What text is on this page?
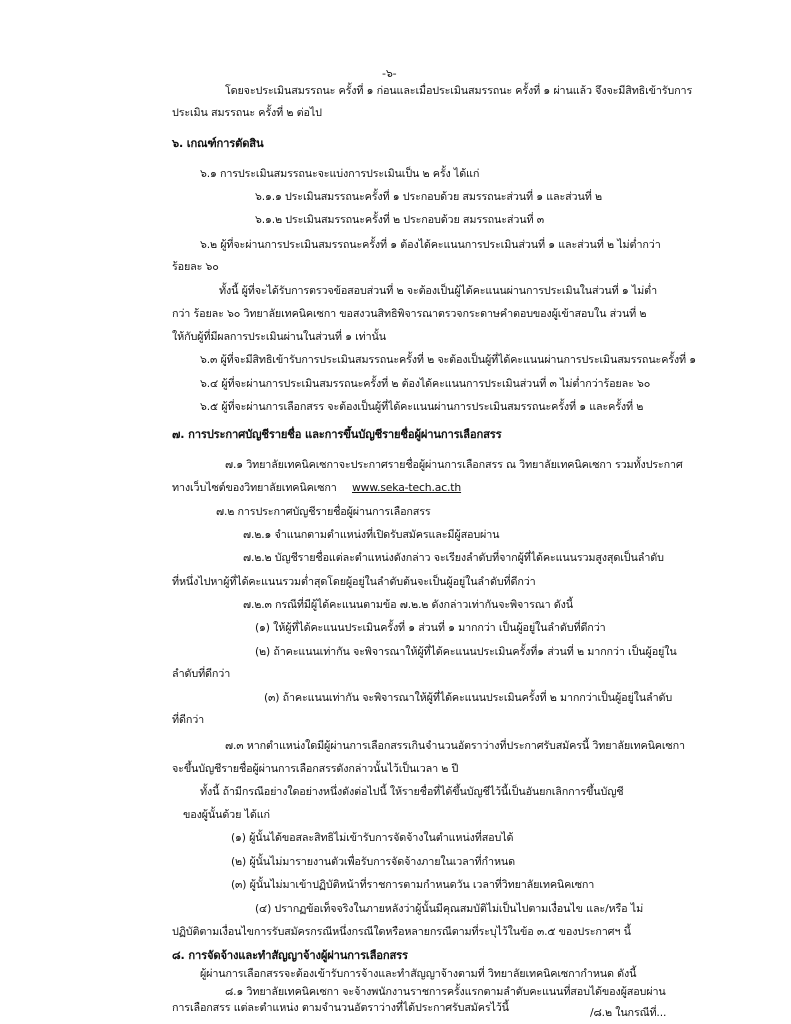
-๖-
โดยจะประเมินสมรรถนะ ครั้งที่ ๑ ก่อนและเมื่อประเมินสมรรถนะ ครั้งที่ ๑ ผ่านแล้ว จึงจะมีสิทธิเข้ารับการ
ประเมิน สมรรถนะ ครั้งที่ ๒ ต่อไป
๖. เกณฑ์การตัดสิน
๖.๑ การประเมินสมรรถนะจะแบ่งการประเมินเป็น ๒ ครั้ง ได้แก่
๖.๑.๑ ประเมินสมรรถนะครั้งที่ ๑ ประกอบด้วย สมรรถนะส่วนที่ ๑ และส่วนที่ ๒
๖.๑.๒ ประเมินสมรรถนะครั้งที่ ๒ ประกอบด้วย สมรรถนะส่วนที่ ๓
๖.๒ ผู้ที่จะผ่านการประเมินสมรรถนะครั้งที่ ๑ ต้องได้คะแนนการประเมินส่วนที่ ๑ และส่วนที่ ๒ ไม่ต่ำกว่า
ร้อยละ ๖๐
ทั้งนี้ ผู้ที่จะได้รับการตรวจข้อสอบส่วนที่ ๒ จะต้องเป็นผู้ได้คะแนนผ่านการประเมินในส่วนที่ ๑ ไม่ต่ำ
กว่า ร้อยละ ๖๐ วิทยาลัยเทคนิคเซกา ขอสงวนสิทธิพิจารณาตรวจกระดาษคำตอบของผู้เข้าสอบใน ส่วนที่ ๒
ให้กับผู้ที่มีผลการประเมินผ่านในส่วนที่ ๑ เท่านั้น
๖.๓ ผู้ที่จะมีสิทธิเข้ารับการประเมินสมรรถนะครั้งที่ ๒ จะต้องเป็นผู้ที่ได้คะแนนผ่านการประเมินสมรรถนะครั้งที่ ๑
๖.๔ ผู้ที่จะผ่านการประเมินสมรรถนะครั้งที่ ๒ ต้องได้คะแนนการประเมินส่วนที่ ๓ ไม่ต่ำกว่าร้อยละ ๖๐
๖.๕ ผู้ที่จะผ่านการเลือกสรร จะต้องเป็นผู้ที่ได้คะแนนผ่านการประเมินสมรรถนะครั้งที่ ๑ และครั้งที่ ๒
๗. การประกาศบัญชีรายชื่อ และการขึ้นบัญชีรายชื่อผู้ผ่านการเลือกสรร
๗.๑ วิทยาลัยเทคนิคเซกาจะประกาศรายชื่อผู้ผ่านการเลือกสรร ณ วิทยาลัยเทคนิคเซกา รวมทั้งประกาศ
ทางเว็บไซต์ของวิทยาลัยเทคนิคเซกา www.seka-tech.ac.th
๗.๒ การประกาศบัญชีรายชื่อผู้ผ่านการเลือกสรร
๗.๒.๑ จำแนกตามตำแหน่งที่เปิดรับสมัครและมีผู้สอบผ่าน
๗.๒.๒ บัญชีรายชื่อแต่ละตำแหน่งดังกล่าว จะเรียงลำดับที่จากผู้ที่ได้คะแนนรวมสูงสุดเป็นลำดับ
ที่หนึ่งไปหาผู้ที่ได้คะแนนรวมต่ำสุดโดยผู้อยู่ในลำดับต้นจะเป็นผู้อยู่ในลำดับที่ดีกว่า
๗.๒.๓ กรณีที่มีผู้ได้คะแนนตามข้อ ๗.๒.๒ ดังกล่าวเท่ากันจะพิจารณา ดังนี้
(๑) ให้ผู้ที่ได้คะแนนประเมินครั้งที่ ๑ ส่วนที่ ๑ มากกว่า เป็นผู้อยู่ในลำดับที่ดีกว่า
(๒) ถ้าคะแนนเท่ากัน จะพิจารณาให้ผู้ที่ได้คะแนนประเมินครั้งที่๑ ส่วนที่ ๒ มากกว่า เป็นผู้อยู่ใน
ลำดับที่ดีกว่า
(๓) ถ้าคะแนนเท่ากัน จะพิจารณาให้ผู้ที่ได้คะแนนประเมินครั้งที่ ๒ มากกว่าเป็นผู้อยู่ในลำดับ
ที่ดีกว่า
๗.๓ หากตำแหน่งใดมีผู้ผ่านการเลือกสรรเกินจำนวนอัตราว่างที่ประกาศรับสมัครนี้ วิทยาลัยเทคนิคเซกา
จะขึ้นบัญชีรายชื่อผู้ผ่านการเลือกสรรดังกล่าวนั้นไว้เป็นเวลา ๒ ปี
ทั้งนี้ ถ้ามีกรณีอย่างใดอย่างหนึ่งดังต่อไปนี้ ให้รายชื่อที่ได้ขึ้นบัญชีไว้นี้เป็นอันยกเลิกการขึ้นบัญชี
ของผู้นั้นด้วย ได้แก่
(๑) ผู้นั้นได้ขอสละสิทธิไม่เข้ารับการจัดจ้างในตำแหน่งที่สอบได้
(๒) ผู้นั้นไม่มารายงานตัวเพื่อรับการจัดจ้างภายในเวลาที่กำหนด
(๓) ผู้นั้นไม่มาเข้าปฏิบัติหน้าที่ราชการตามกำหนดวัน เวลาที่วิทยาลัยเทคนิคเซกา
(๔) ปรากฏข้อเท็จจริงในภายหลังว่าผู้นั้นมีคุณสมบัติไม่เป็นไปตามเงื่อนไข และ/หรือ ไม่
ปฏิบัติตามเงื่อนไขการรับสมัครกรณีหนึ่งกรณีใดหรือหลายกรณีตามที่ระบุไว้ในข้อ ๓.๕ ของประกาศฯ นี้
๘. การจัดจ้างและทำสัญญาจ้างผู้ผ่านการเลือกสรร
ผู้ผ่านการเลือกสรรจะต้องเข้ารับการจ้างและทำสัญญาจ้างตามที่ วิทยาลัยเทคนิคเซกากำหนด ดังนี้
๘.๑ วิทยาลัยเทคนิคเซกา จะจ้างพนักงานราชการครั้งแรกตามลำดับคะแนนที่สอบได้ของผู้สอบผ่าน
การเลือกสรร แต่ละตำแหน่ง ตามจำนวนอัตราว่างที่ได้ประกาศรับสมัครไว้นี้	/๘.๒ ในกรณีที่...
